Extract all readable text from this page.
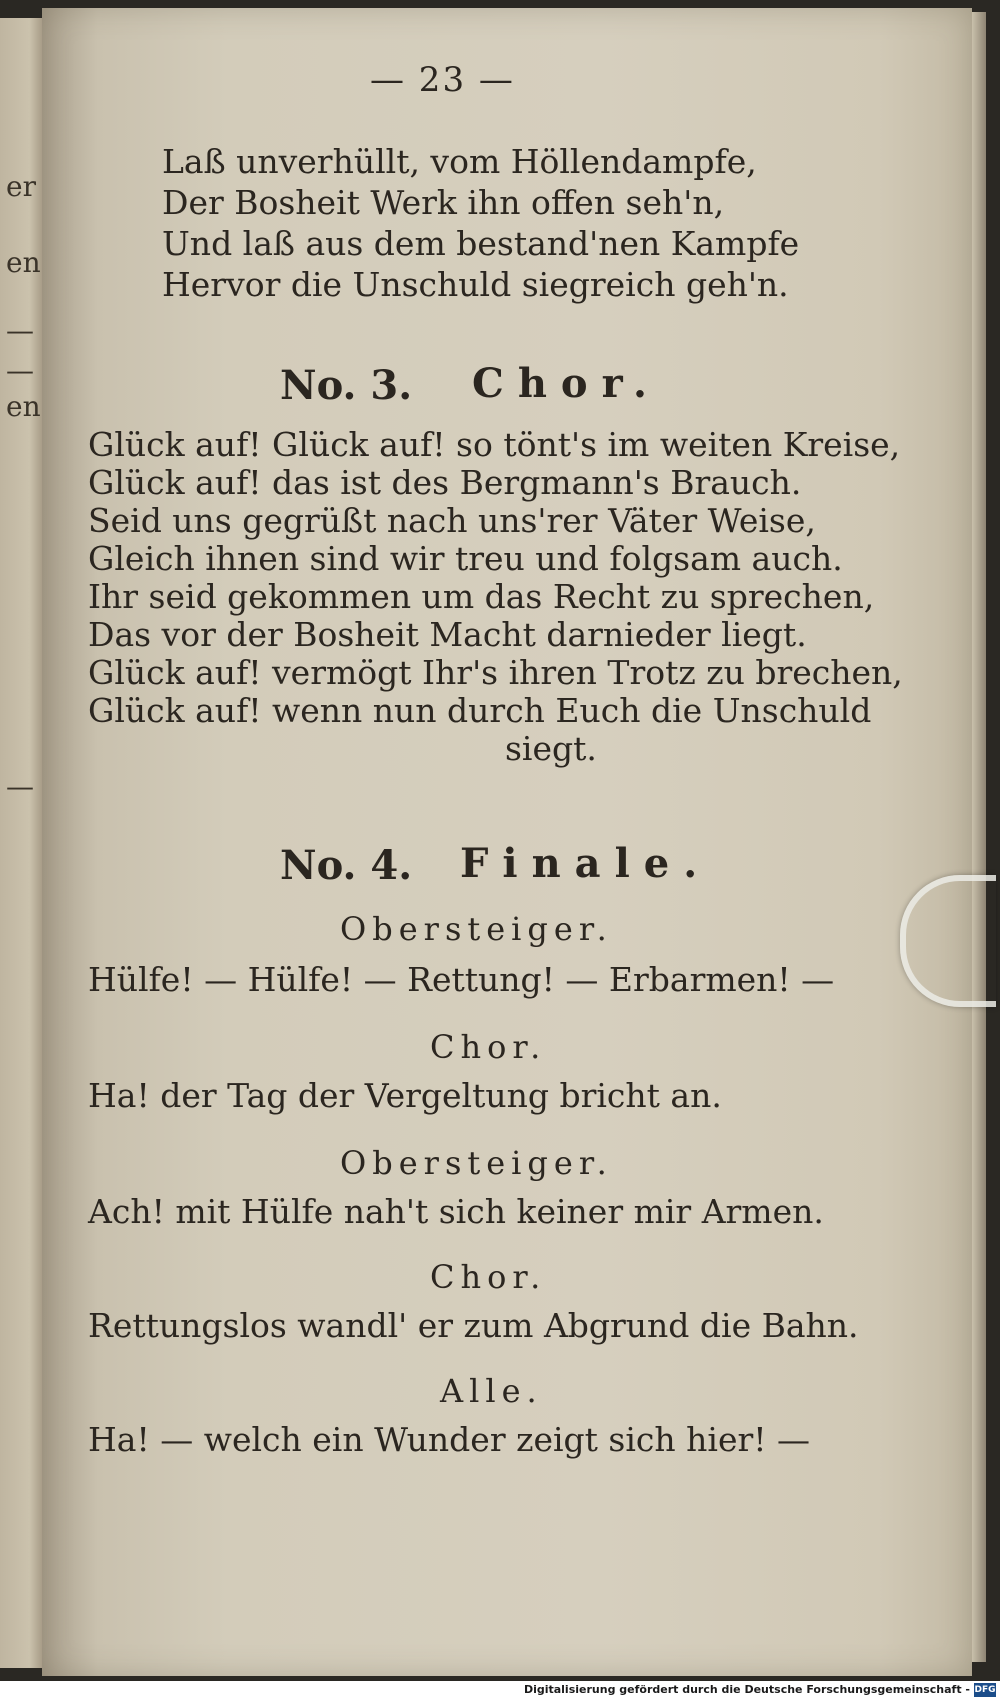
er
en
—
—
en
—
— 23 —
Laß unverhüllt, vom Höllendampfe,
Der Bosheit Werk ihn offen seh'n,
Und laß aus dem bestand'nen Kampfe
Hervor die Unschuld siegreich geh'n.
No. 3. Chor.
Glück auf! Glück auf! so tönt's im weiten Kreise,
Glück auf! das ist des Bergmann's Brauch.
Seid uns gegrüßt nach uns'rer Väter Weise,
Gleich ihnen sind wir treu und folgsam auch.
Ihr seid gekommen um das Recht zu sprechen,
Das vor der Bosheit Macht darnieder liegt.
Glück auf! vermögt Ihr's ihren Trotz zu brechen,
Glück auf! wenn nun durch Euch die Unschuld
siegt.
No. 4. Finale.
Obersteiger.
Hülfe! — Hülfe! — Rettung! — Erbarmen! —
Chor.
Ha! der Tag der Vergeltung bricht an.
Obersteiger.
Ach! mit Hülfe nah't sich keiner mir Armen.
Chor.
Rettungslos wandl' er zum Abgrund die Bahn.
Alle.
Ha! — welch ein Wunder zeigt sich hier! —
Digitalisierung gefördert durch die Deutsche Forschungsgemeinschaft - DFG
